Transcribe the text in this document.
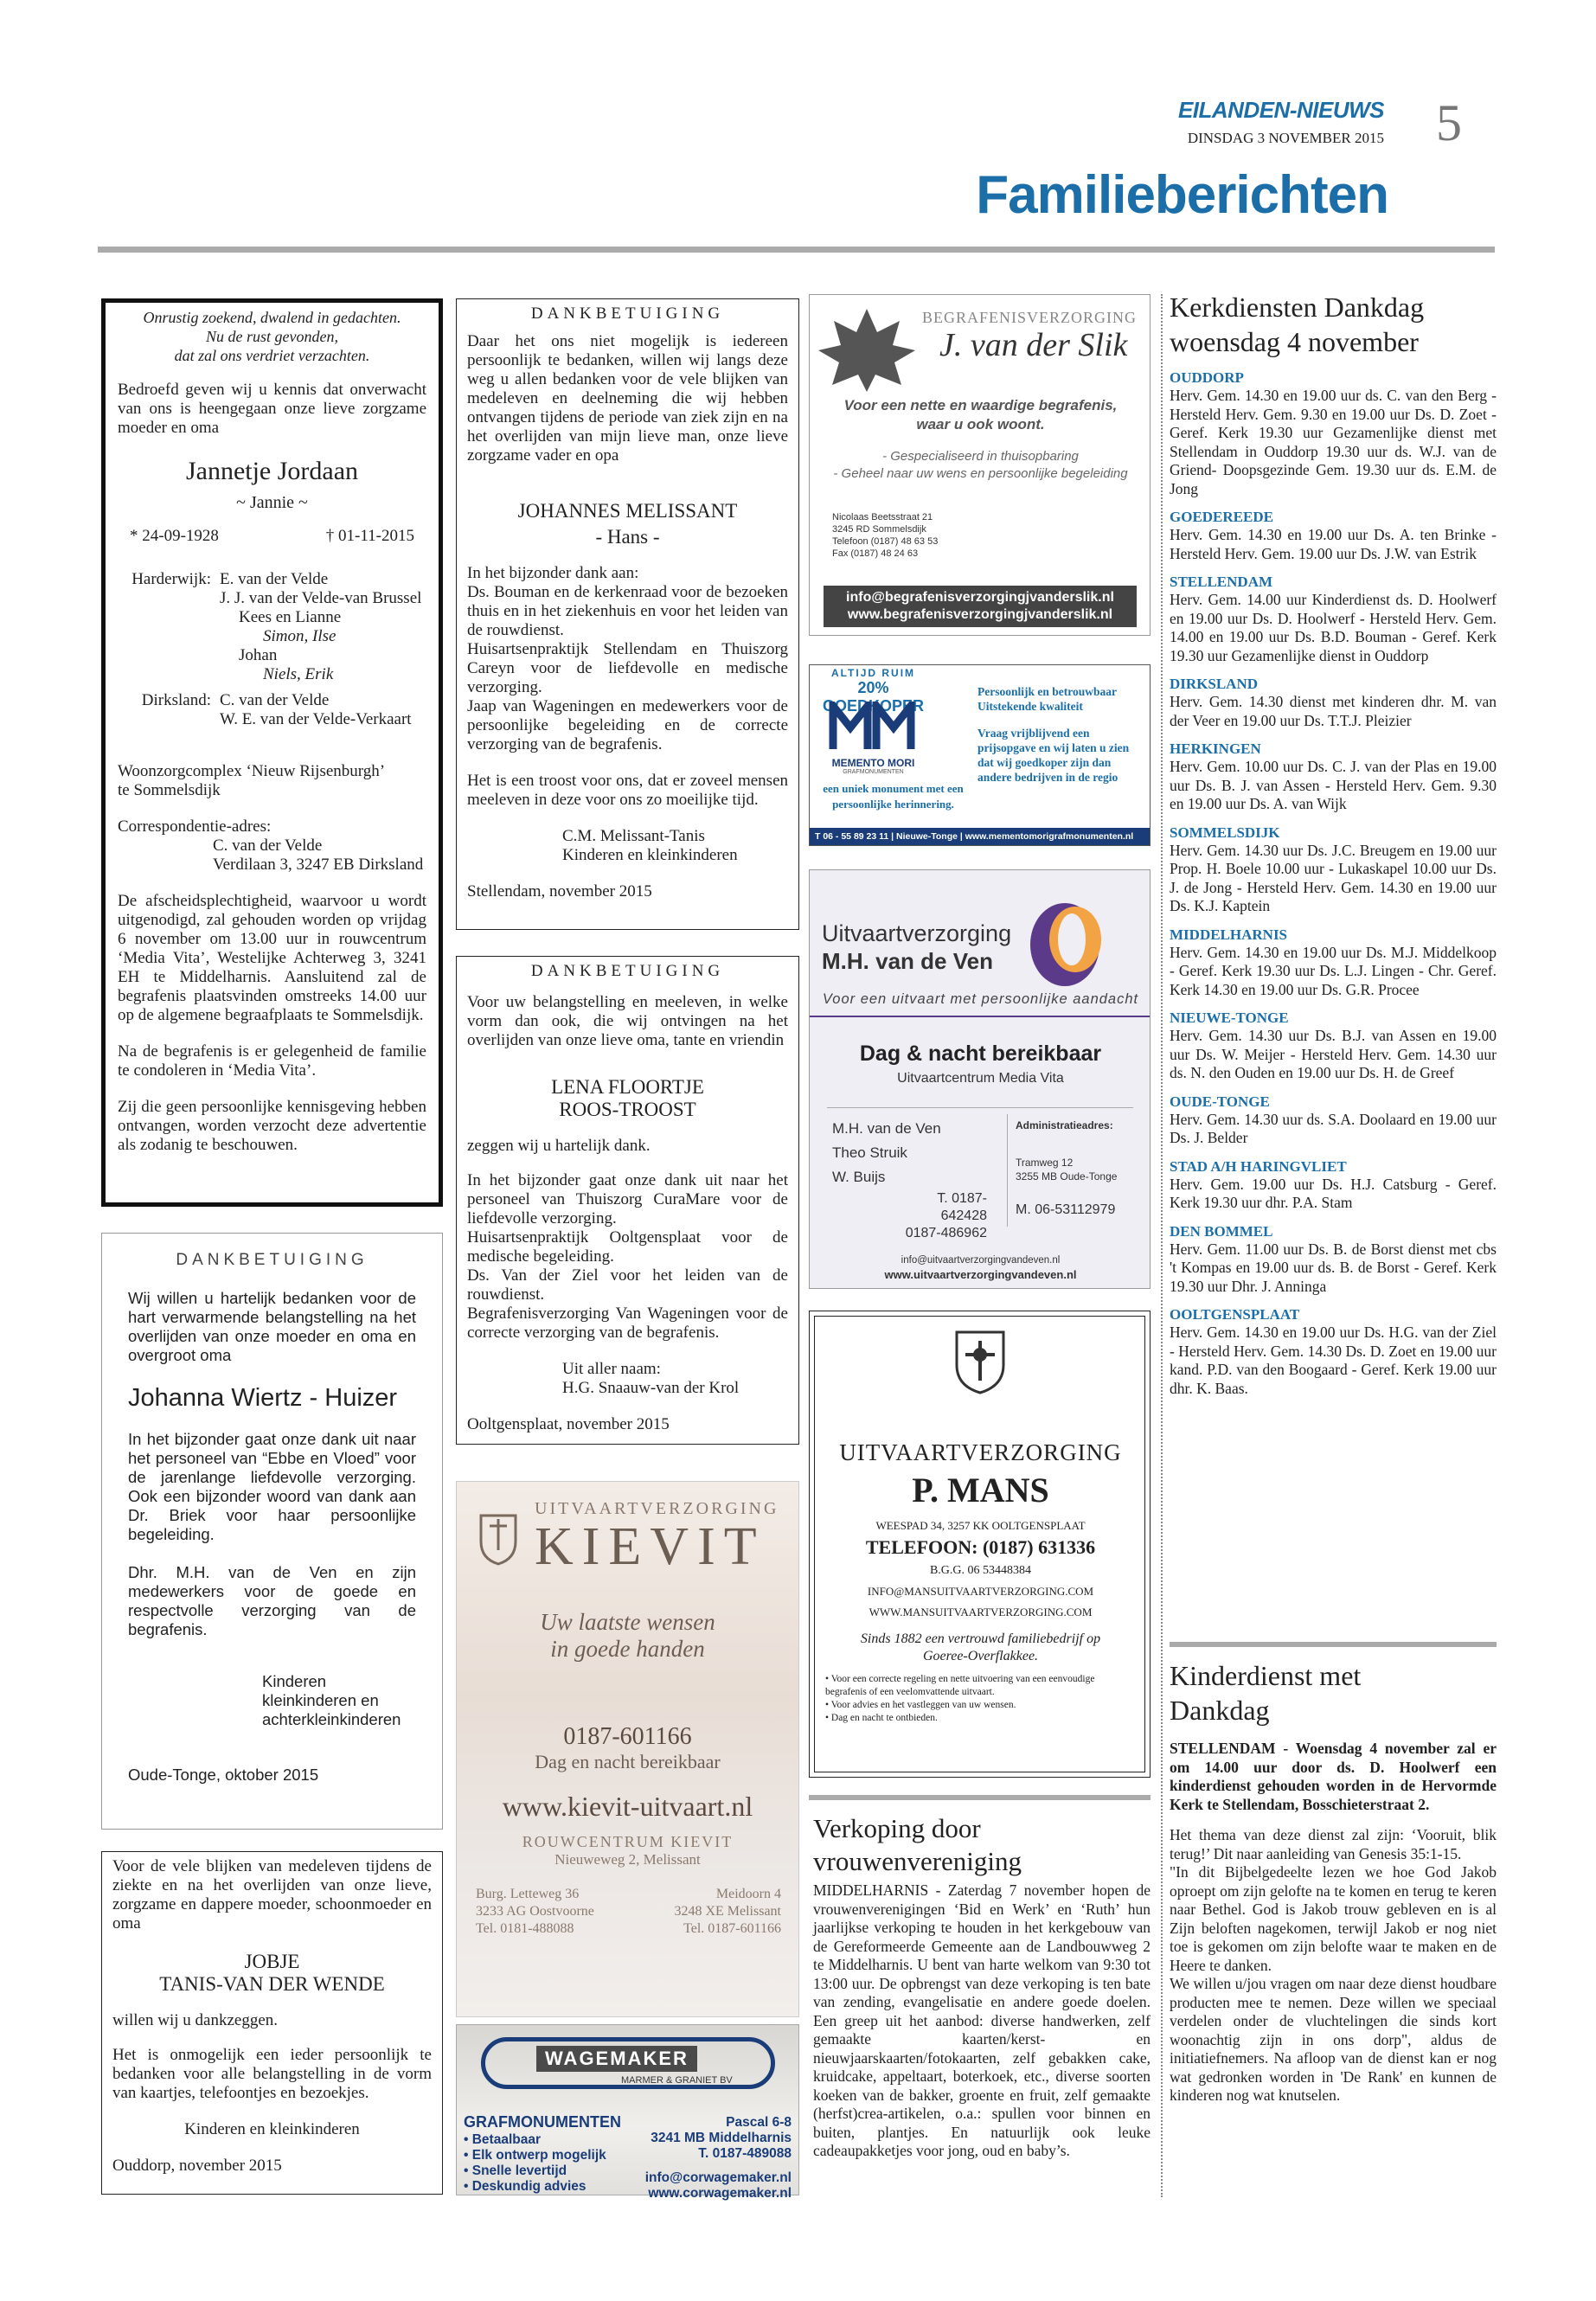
EILANDEN-NIEUWS
DINSDAG 3 NOVEMBER 2015 5
Familieberichten
Onrustig zoekend, dwalend in gedachten.
Nu de rust gevonden,
dat zal ons verdriet verzachten.
Bedroefd geven wij u kennis dat onverwacht van ons is heengegaan onze lieve zorgzame moeder en oma
Jannetje Jordaan
~ Jannie ~
* 24-09-1928	† 01-11-2015
Harderwijk: E. van der Velde
J. J. van der Velde-van Brussel
Kees en Lianne
Simon, Ilse
Johan
Niels, Erik
Dirksland: C. van der Velde
W. E. van der Velde-Verkaart
Woonzorgcomplex ‘Nieuw Rijsenburgh’
te Sommelsdijk
Correspondentie-adres:
C. van der Velde
Verdilaan 3, 3247 EB Dirksland
De afscheidsplechtigheid, waarvoor u wordt uitgenodigd, zal gehouden worden op vrijdag 6 november om 13.00 uur in rouwcentrum ‘Media Vita’, Westelijke Achterweg 3, 3241 EH te Middelharnis. Aansluitend zal de begrafenis plaatsvinden omstreeks 14.00 uur op de algemene begraafplaats te Sommelsdijk.
Na de begrafenis is er gelegenheid de familie te condoleren in ‘Media Vita’.
Zij die geen persoonlijke kennisgeving hebben ontvangen, worden verzocht deze advertentie als zodanig te beschouwen.
DANKBETUIGING
Wij willen u hartelijk bedanken voor de hart verwarmende belangstelling na het overlijden van onze moeder en oma en overgroot oma
Johanna Wiertz - Huizer
In het bijzonder gaat onze dank uit naar het personeel van “Ebbe en Vloed” voor de jarenlange liefdevolle verzorging. Ook een bijzonder woord van dank aan Dr. Briek voor haar persoonlijke begeleiding.
Dhr. M.H. van de Ven en zijn medewerkers voor de goede en respectvolle verzorging van de begrafenis.
Kinderen
kleinkinderen en
achterkleinkinderen
Oude-Tonge, oktober 2015
Voor de vele blijken van medeleven tijdens de ziekte en na het overlijden van onze lieve, zorgzame en dappere moeder, schoonmoeder en oma
JOBJE
TANIS-VAN DER WENDE
willen wij u dankzeggen.
Het is onmogelijk een ieder persoonlijk te bedanken voor alle belangstelling in de vorm van kaartjes, telefoontjes en bezoekjes.
Kinderen en kleinkinderen
Ouddorp, november 2015
DANKBETUIGING
Daar het ons niet mogelijk is iedereen persoonlijk te bedanken, willen wij langs deze weg u allen bedanken voor de vele blijken van medeleven en deelneming die wij hebben ontvangen tijdens de periode van ziek zijn en na het overlijden van mijn lieve man, onze lieve zorgzame vader en opa
JOHANNES MELISSANT
- Hans -
In het bijzonder dank aan:
Ds. Bouman en de kerkenraad voor de bezoeken thuis en in het ziekenhuis en voor het leiden van de rouwdienst.
Huisartsenpraktijk Stellendam en Thuiszorg Careyn voor de liefdevolle en medische verzorging.
Jaap van Wageningen en medewerkers voor de persoonlijke begeleiding en de correcte verzorging van de begrafenis.
Het is een troost voor ons, dat er zoveel mensen meeleven in deze voor ons zo moeilijke tijd.
C.M. Melissant-Tanis
Kinderen en kleinkinderen
Stellendam, november 2015
DANKBETUIGING
Voor uw belangstelling en meeleven, in welke vorm dan ook, die wij ontvingen na het overlijden van onze lieve oma, tante en vriendin
LENA FLOORTJE
ROOS-TROOST
zeggen wij u hartelijk dank.
In het bijzonder gaat onze dank uit naar het personeel van Thuiszorg CuraMare voor de liefdevolle verzorging.
Huisartsenpraktijk Ooltgensplaat voor de medische begeleiding.
Ds. Van der Ziel voor het leiden van de rouwdienst.
Begrafenisverzorging Van Wageningen voor de correcte verzorging van de begrafenis.
Uit aller naam:
H.G. Snaauw-van der Krol
Ooltgensplaat, november 2015
UITVAARTVERZORGING
KIEVIT
Uw laatste wensen
in goede handen
0187-601166
Dag en nacht bereikbaar
www.kievit-uitvaart.nl
ROUWCENTRUM KIEVIT
Nieuweweg 2, Melissant
Burg. Letteweg 36
3233 AG Oostvoorne
Tel. 0181-488088
Meidoorn 4
3248 XE Melissant
Tel. 0187-601166
WAGEMAKER
MARMER & GRANIET BV
GRAFMONUMENTEN
• Betaalbaar
• Elk ontwerp mogelijk
• Snelle levertijd
• Deskundig advies
Pascal 6-8
3241 MB Middelharnis
T. 0187-489088
info@corwagemaker.nl
www.corwagemaker.nl
BEGRAFENISVERZORGING
J. van der Slik
Voor een nette en waardige begrafenis,
waar u ook woont.
- Gespecialiseerd in thuisopbaring
- Geheel naar uw wens en persoonlijke begeleiding
Nicolaas Beetsstraat 21
3245 RD Sommelsdijk
Telefoon (0187) 48 63 53
Fax (0187) 48 24 63
info@begrafenisverzorgingjvanderslik.nl
www.begrafenisverzorgingjvanderslik.nl
ALTIJD RUIM
20% GOEDKOPER
MEMENTO MORI
GRAFMONUMENTEN
een uniek monument met een persoonlijke herinnering.
Persoonlijk en betrouwbaar
Uitstekende kwaliteit
Vraag vrijblijvend een prijsopgave en wij laten u zien dat wij goedkoper zijn dan andere bedrijven in de regio
T 06 - 55 89 23 11 | Nieuwe-Tonge | www.mementomorigrafmonumenten.nl
Uitvaartverzorging
M.H. van de Ven
Voor een uitvaart met persoonlijke aandacht
Dag & nacht bereikbaar
Uitvaartcentrum Media Vita
M.H. van de Ven
Theo Struik
W. Buijs
T. 0187-642428
0187-486962
Administratieadres:
Tramweg 12
3255 MB Oude-Tonge
M. 06-53112979
info@uitvaartverzorgingvandeven.nl
www.uitvaartverzorgingvandeven.nl
UITVAARTVERZORGING
P. MANS
WEESPAD 34, 3257 KK OOLTGENSPLAAT
TELEFOON: (0187) 631336
B.G.G. 06 53448384
INFO@MANSUITVAARTVERZORGING.COM
WWW.MANSUITVAARTVERZORGING.COM
Sinds 1882 een vertrouwd familiebedrijf op
Goeree-Overflakkee.
• Voor een correcte regeling en nette uitvoering van een eenvoudige begrafenis of een veelomvattende uitvaart.
• Voor advies en het vastleggen van uw wensen.
• Dag en nacht te ontbieden.
Verkoping door vrouwenvereniging
MIDDELHARNIS - Zaterdag 7 november hopen de vrouwenverenigingen ‘Bid en Werk’ en ‘Ruth’ hun jaarlijkse verkoping te houden in het kerkgebouw van de Gereformeerde Gemeente aan de Landbouwweg 2 te Middelharnis. U bent van harte welkom van 9:30 tot 13:00 uur. De opbrengst van deze verkoping is ten bate van zending, evangelisatie en andere goede doelen. Een greep uit het aanbod: diverse handwerken, zelf gemaakte kaarten/kerst- en nieuwjaarskaarten/fotokaarten, zelf gebakken cake, kruidcake, appeltaart, boterkoek, etc., diverse soorten koeken van de bakker, groente en fruit, zelf gemaakte (herfst)crea-artikelen, o.a.: spullen voor binnen en buiten, plantjes. En natuurlijk ook leuke cadeaupakketjes voor jong, oud en baby’s.
Kerkdiensten Dankdag
woensdag 4 november
OUDDORP
Herv. Gem. 14.30 en 19.00 uur ds. C. van den Berg - Hersteld Herv. Gem. 9.30 en 19.00 uur Ds. D. Zoet - Geref. Kerk 19.30 uur Gezamenlijke dienst met Stellendam in Ouddorp 19.30 uur ds. W.J. van de Griend- Doopsgezinde Gem. 19.30 uur ds. E.M. de Jong
GOEDEREEDE
Herv. Gem. 14.30 en 19.00 uur Ds. A. ten Brinke - Hersteld Herv. Gem. 19.00 uur Ds. J.W. van Estrik
STELLENDAM
Herv. Gem. 14.00 uur Kinderdienst ds. D. Hoolwerf en 19.00 uur Ds. D. Hoolwerf - Hersteld Herv. Gem. 14.00 en 19.00 uur Ds. B.D. Bouman - Geref. Kerk 19.30 uur Gezamenlijke dienst in Ouddorp
DIRKSLAND
Herv. Gem. 14.30 dienst met kinderen dhr. M. van der Veer en 19.00 uur Ds. T.T.J. Pleizier
HERKINGEN
Herv. Gem. 10.00 uur Ds. C. J. van der Plas en 19.00 uur Ds. B. J. van Assen - Hersteld Herv. Gem. 9.30 en 19.00 uur Ds. A. van Wijk
SOMMELSDIJK
Herv. Gem. 14.30 uur Ds. J.C. Breugem en 19.00 uur Prop. H. Boele 10.00 uur - Lukaskapel 10.00 uur Ds. J. de Jong - Hersteld Herv. Gem. 14.30 en 19.00 uur Ds. K.J. Kaptein
MIDDELHARNIS
Herv. Gem. 14.30 en 19.00 uur Ds. M.J. Middelkoop - Geref. Kerk 19.30 uur Ds. L.J. Lingen - Chr. Geref. Kerk 14.30 en 19.00 uur Ds. G.R. Procee
NIEUWE-TONGE
Herv. Gem. 14.30 uur Ds. B.J. van Assen en 19.00 uur Ds. W. Meijer - Hersteld Herv. Gem. 14.30 uur ds. N. den Ouden en 19.00 uur Ds. H. de Greef
OUDE-TONGE
Herv. Gem. 14.30 uur ds. S.A. Doolaard en 19.00 uur Ds. J. Belder
STAD A/H HARINGVLIET
Herv. Gem. 19.00 uur Ds. H.J. Catsburg - Geref. Kerk 19.30 uur dhr. P.A. Stam
DEN BOMMEL
Herv. Gem. 11.00 uur Ds. B. de Borst dienst met cbs 't Kompas en 19.00 uur ds. B. de Borst - Geref. Kerk 19.30 uur Dhr. J. Anninga
OOLTGENSPLAAT
Herv. Gem. 14.30 en 19.00 uur Ds. H.G. van der Ziel - Hersteld Herv. Gem. 14.30 Ds. D. Zoet en 19.00 uur kand. P.D. van den Boogaard - Geref. Kerk 19.00 uur dhr. K. Baas.
Kinderdienst met
Dankdag
STELLENDAM - Woensdag 4 november zal er om 14.00 uur door ds. D. Hoolwerf een kinderdienst gehouden worden in de Hervormde Kerk te Stellendam, Bosschieterstraat 2.
Het thema van deze dienst zal zijn: ‘Vooruit, blik terug!’ Dit naar aanleiding van Genesis 35:1-15.
"In dit Bijbelgedeelte lezen we hoe God Jakob oproept om zijn gelofte na te komen en terug te keren naar Bethel. God is Jakob trouw gebleven en is al Zijn beloften nagekomen, terwijl Jakob er nog niet toe is gekomen om zijn belofte waar te maken en de Heere te danken.
We willen u/jou vragen om naar deze dienst houdbare producten mee te nemen. Deze willen we speciaal verdelen onder de vluchtelingen die sinds kort woonachtig zijn in ons dorp", aldus de initiatiefnemers. Na afloop van de dienst kan er nog wat gedronken worden in 'De Rank' en kunnen de kinderen nog wat knutselen.
